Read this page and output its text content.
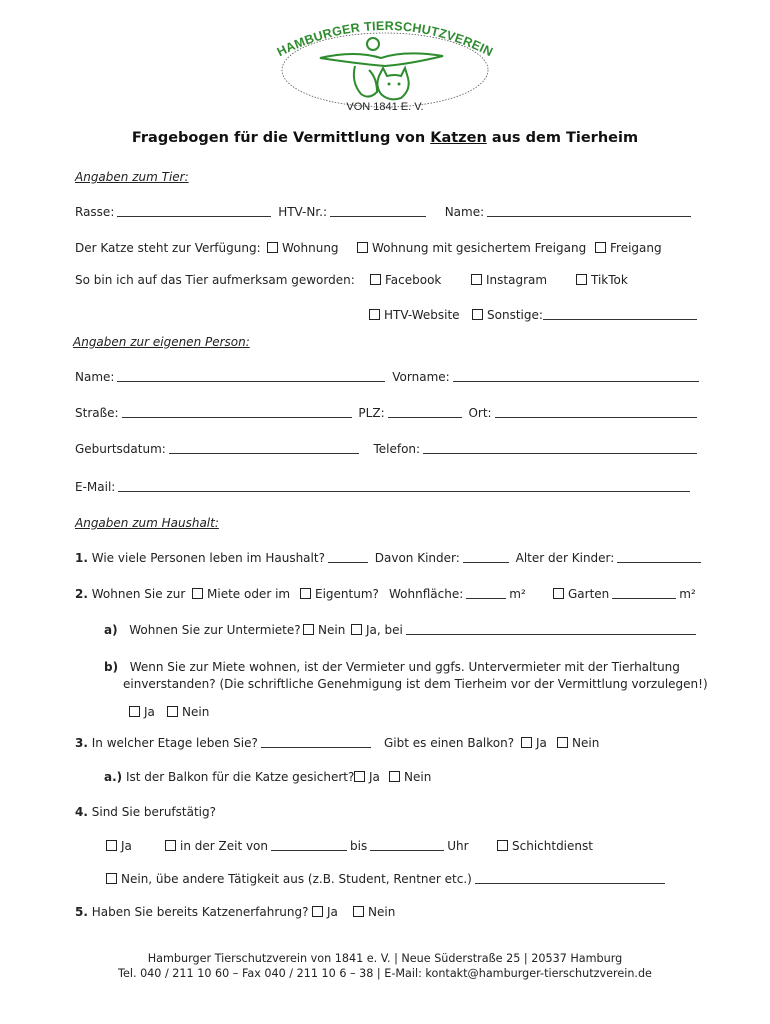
HAMBURGER TIERSCHUTZVEREIN
VON 1841 E. V.
Fragebogen für die Vermittlung von Katzen aus dem Tierheim
Angaben zum Tier:
Rasse:	HTV-Nr.:	Name:
Der Katze steht zur Verfügung:	Wohnung	Wohnung mit gesichertem Freigang	Freigang
So bin ich auf das Tier aufmerksam geworden:	Facebook	Instagram	TikTok
HTV-Website	Sonstige:
Angaben zur eigenen Person:
Name:	Vorname:
Straße:	PLZ:	Ort:
Geburtsdatum:	Telefon:
E-Mail:
Angaben zum Haushalt:
1. Wie viele Personen leben im Haushalt?	Davon Kinder:	Alter der Kinder:
2. Wohnen Sie zur	Miete oder im	Eigentum? Wohnfläche:	m²	Garten	m²
a) Wohnen Sie zur Untermiete?	Nein	Ja, bei
b) Wenn Sie zur Miete wohnen, ist der Vermieter und ggfs. Untervermieter mit der Tierhaltung
einverstanden? (Die schriftliche Genehmigung ist dem Tierheim vor der Vermittlung vorzulegen!)
Ja	Nein
3. In welcher Etage leben Sie?	Gibt es einen Balkon?	Ja	Nein
a.) Ist der Balkon für die Katze gesichert?	Ja	Nein
4. Sind Sie berufstätig?
Ja	in der Zeit von	bis	Uhr	Schichtdienst
Nein, übe andere Tätigkeit aus (z.B. Student, Rentner etc.)
5. Haben Sie bereits Katzenerfahrung?	Ja	Nein
Hamburger Tierschutzverein von 1841 e. V. | Neue Süderstraße 25 | 20537 Hamburg
Tel. 040 / 211 10 60 – Fax 040 / 211 10 6 – 38 | E-Mail: kontakt@hamburger-tierschutzverein.de
